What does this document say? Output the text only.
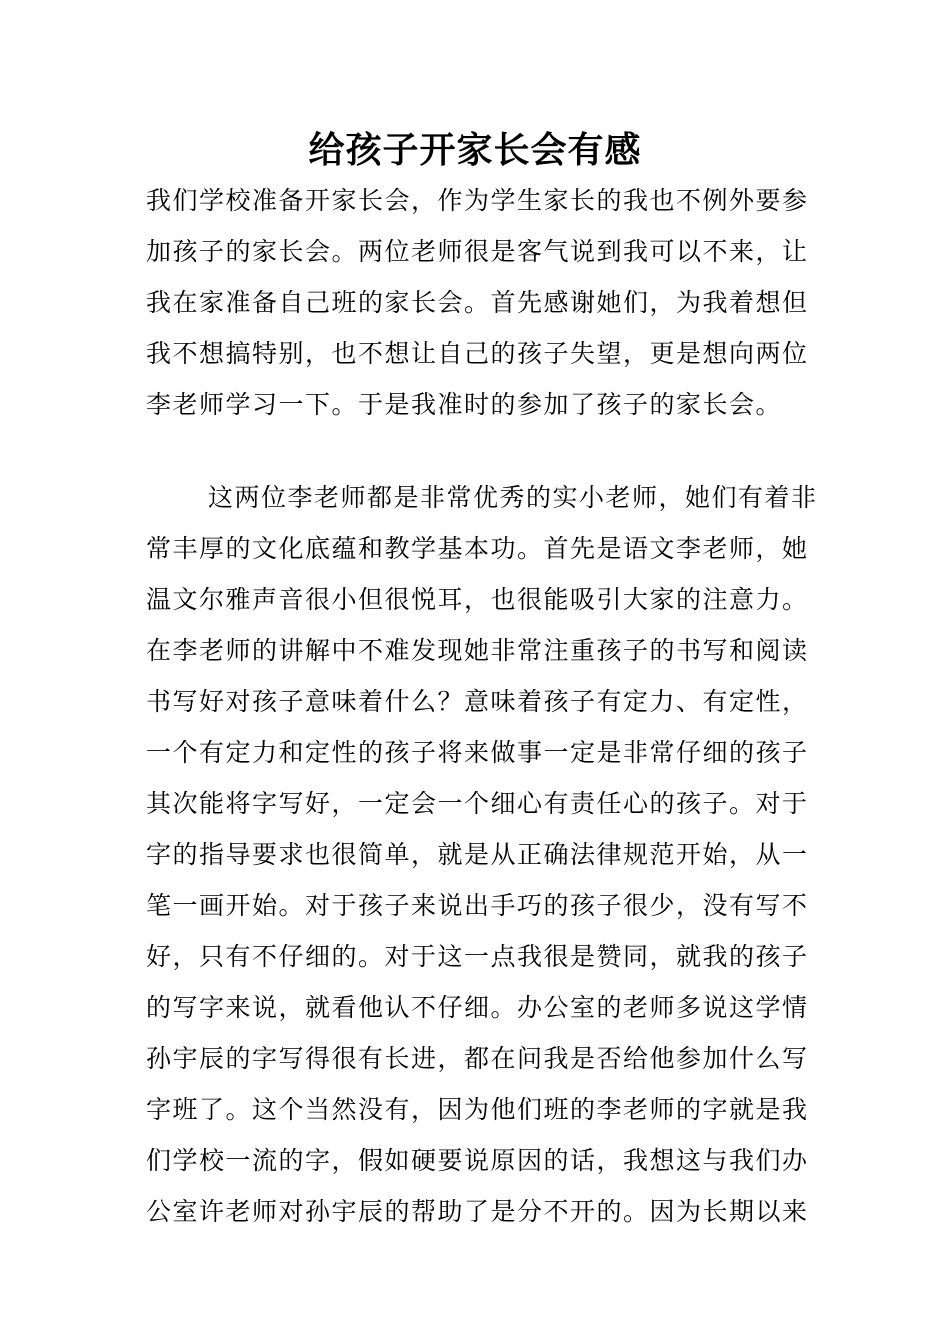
给孩子开家长会有感
我们学校准备开家长会，作为学生家长的我也不例外要参
加孩子的家长会。两位老师很是客气说到我可以不来，让
我在家准备自己班的家长会。首先感谢她们，为我着想但
我不想搞特别，也不想让自己的孩子失望，更是想向两位
李老师学习一下。于是我准时的参加了孩子的家长会。
这两位李老师都是非常优秀的实小老师，她们有着非
常丰厚的文化底蕴和教学基本功。首先是语文李老师，她
温文尔雅声音很小但很悦耳，也很能吸引大家的注意力。
在李老师的讲解中不难发现她非常注重孩子的书写和阅读
书写好对孩子意味着什么？意味着孩子有定力、有定性，
一个有定力和定性的孩子将来做事一定是非常仔细的孩子
其次能将字写好，一定会一个细心有责任心的孩子。对于
字的指导要求也很简单，就是从正确法律规范开始，从一
笔一画开始。对于孩子来说出手巧的孩子很少，没有写不
好，只有不仔细的。对于这一点我很是赞同，就我的孩子
的写字来说，就看他认不仔细。办公室的老师多说这学情
孙宇辰的字写得很有长进，都在问我是否给他参加什么写
字班了。这个当然没有，因为他们班的李老师的字就是我
们学校一流的字，假如硬要说原因的话，我想这与我们办
公室许老师对孙宇辰的帮助了是分不开的。因为长期以来
